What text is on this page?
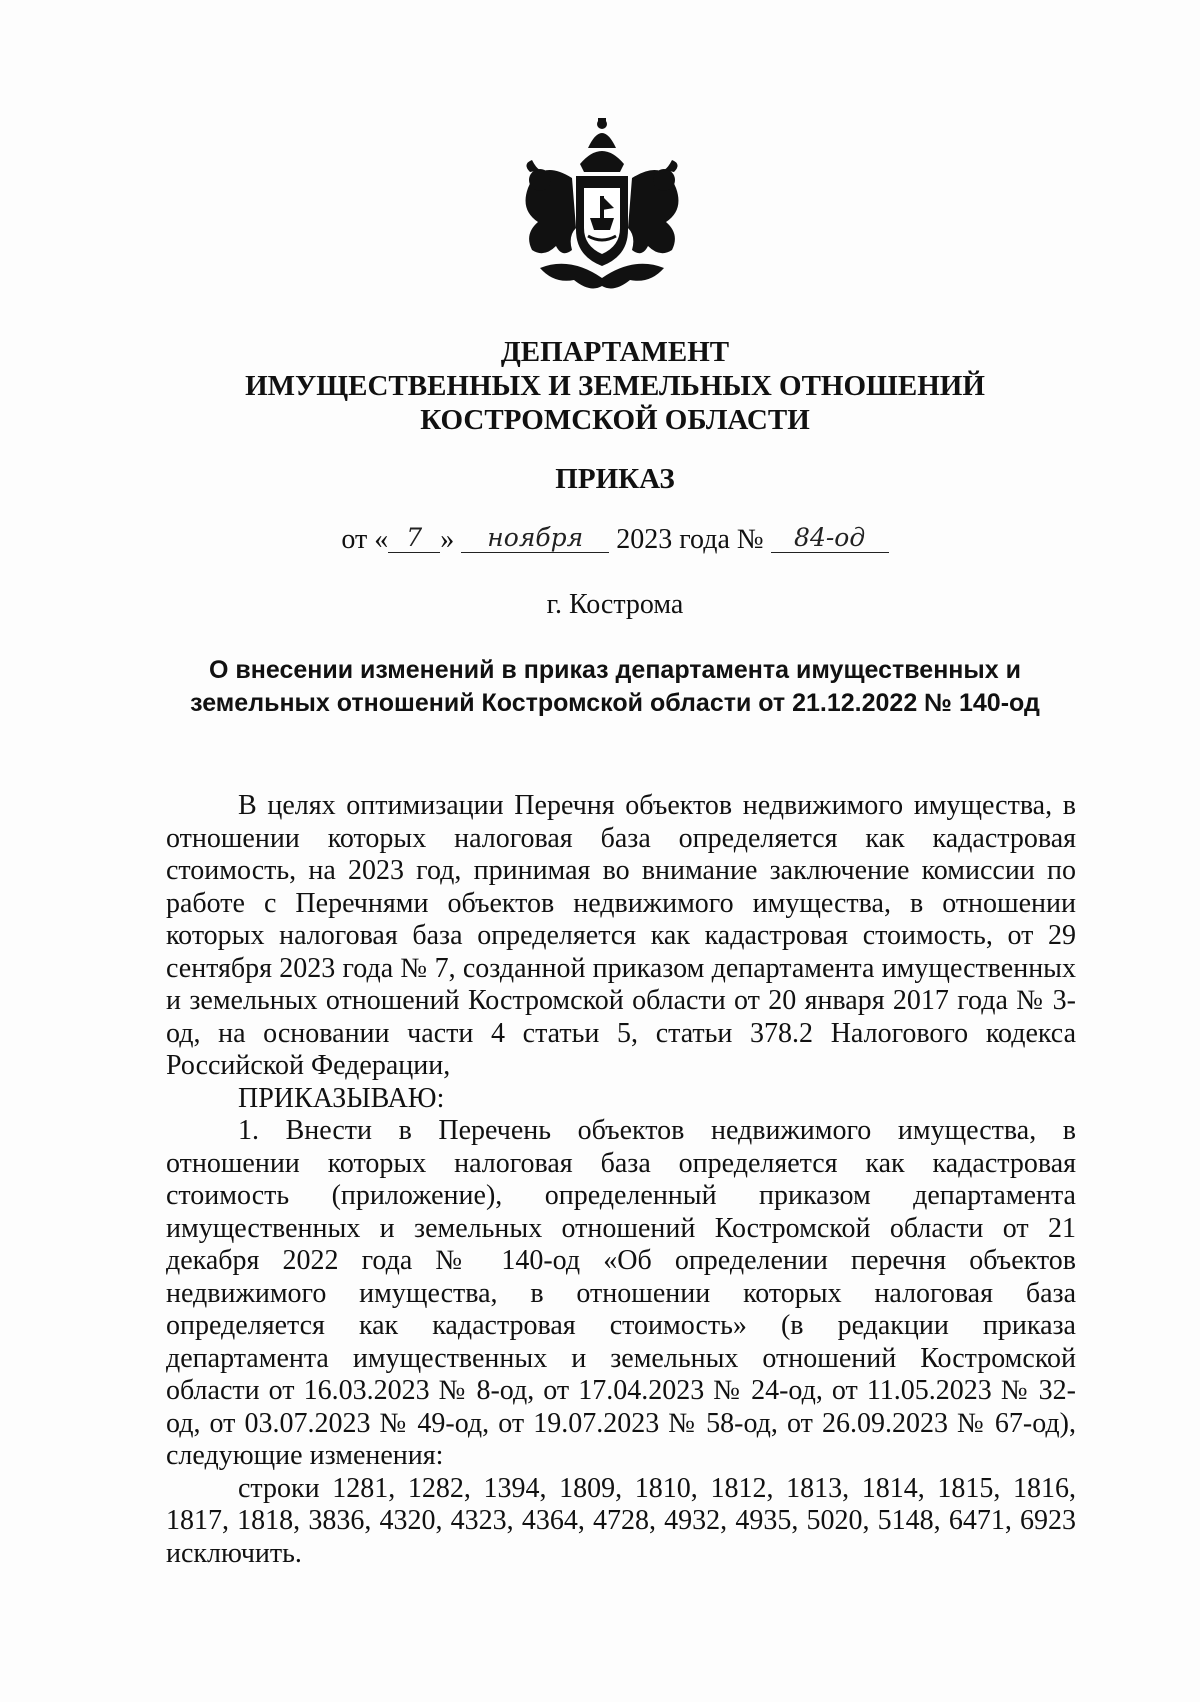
ДЕПАРТАМЕНТ
ИМУЩЕСТВЕННЫХ И ЗЕМЕЛЬНЫХ ОТНОШЕНИЙ
КОСТРОМСКОЙ ОБЛАСТИ
ПРИКАЗ
от « 7 » ноября 2023 года № 84-од
г. Кострома
О внесении изменений в приказ департамента имущественных и
земельных отношений Костромской области от 21.12.2022 № 140-од

В целях оптимизации Перечня объектов недвижимого имущества, в отношении которых налоговая база определяется как кадастровая стоимость, на 2023 год, принимая во внимание заключение комиссии по работе с Перечнями объектов недвижимого имущества, в отношении которых налоговая база определяется как кадастровая стоимость, от 29 сентября 2023 года № 7, созданной приказом департамента имущественных и земельных отношений Костромской области от 20 января 2017 года № 3-од, на основании части 4 статьи 5, статьи 378.2 Налогового кодекса Российской Федерации,

ПРИКАЗЫВАЮ:

1. Внести в Перечень объектов недвижимого имущества, в отношении которых налоговая база определяется как кадастровая стоимость (приложение), определенный приказом департамента имущественных и земельных отношений Костромской области от 21 декабря 2022 года № 140-од «Об определении перечня объектов недвижимого имущества, в отношении которых налоговая база определяется как кадастровая стоимость» (в редакции приказа департамента имущественных и земельных отношений Костромской области от 16.03.2023 № 8-од, от 17.04.2023 № 24-од, от 11.05.2023 № 32-од, от 03.07.2023 № 49-од, от 19.07.2023 № 58-од, от 26.09.2023 № 67-од), следующие изменения:

строки 1281, 1282, 1394, 1809, 1810, 1812, 1813, 1814, 1815, 1816, 1817, 1818, 3836, 4320, 4323, 4364, 4728, 4932, 4935, 5020, 5148, 6471, 6923 исключить.
